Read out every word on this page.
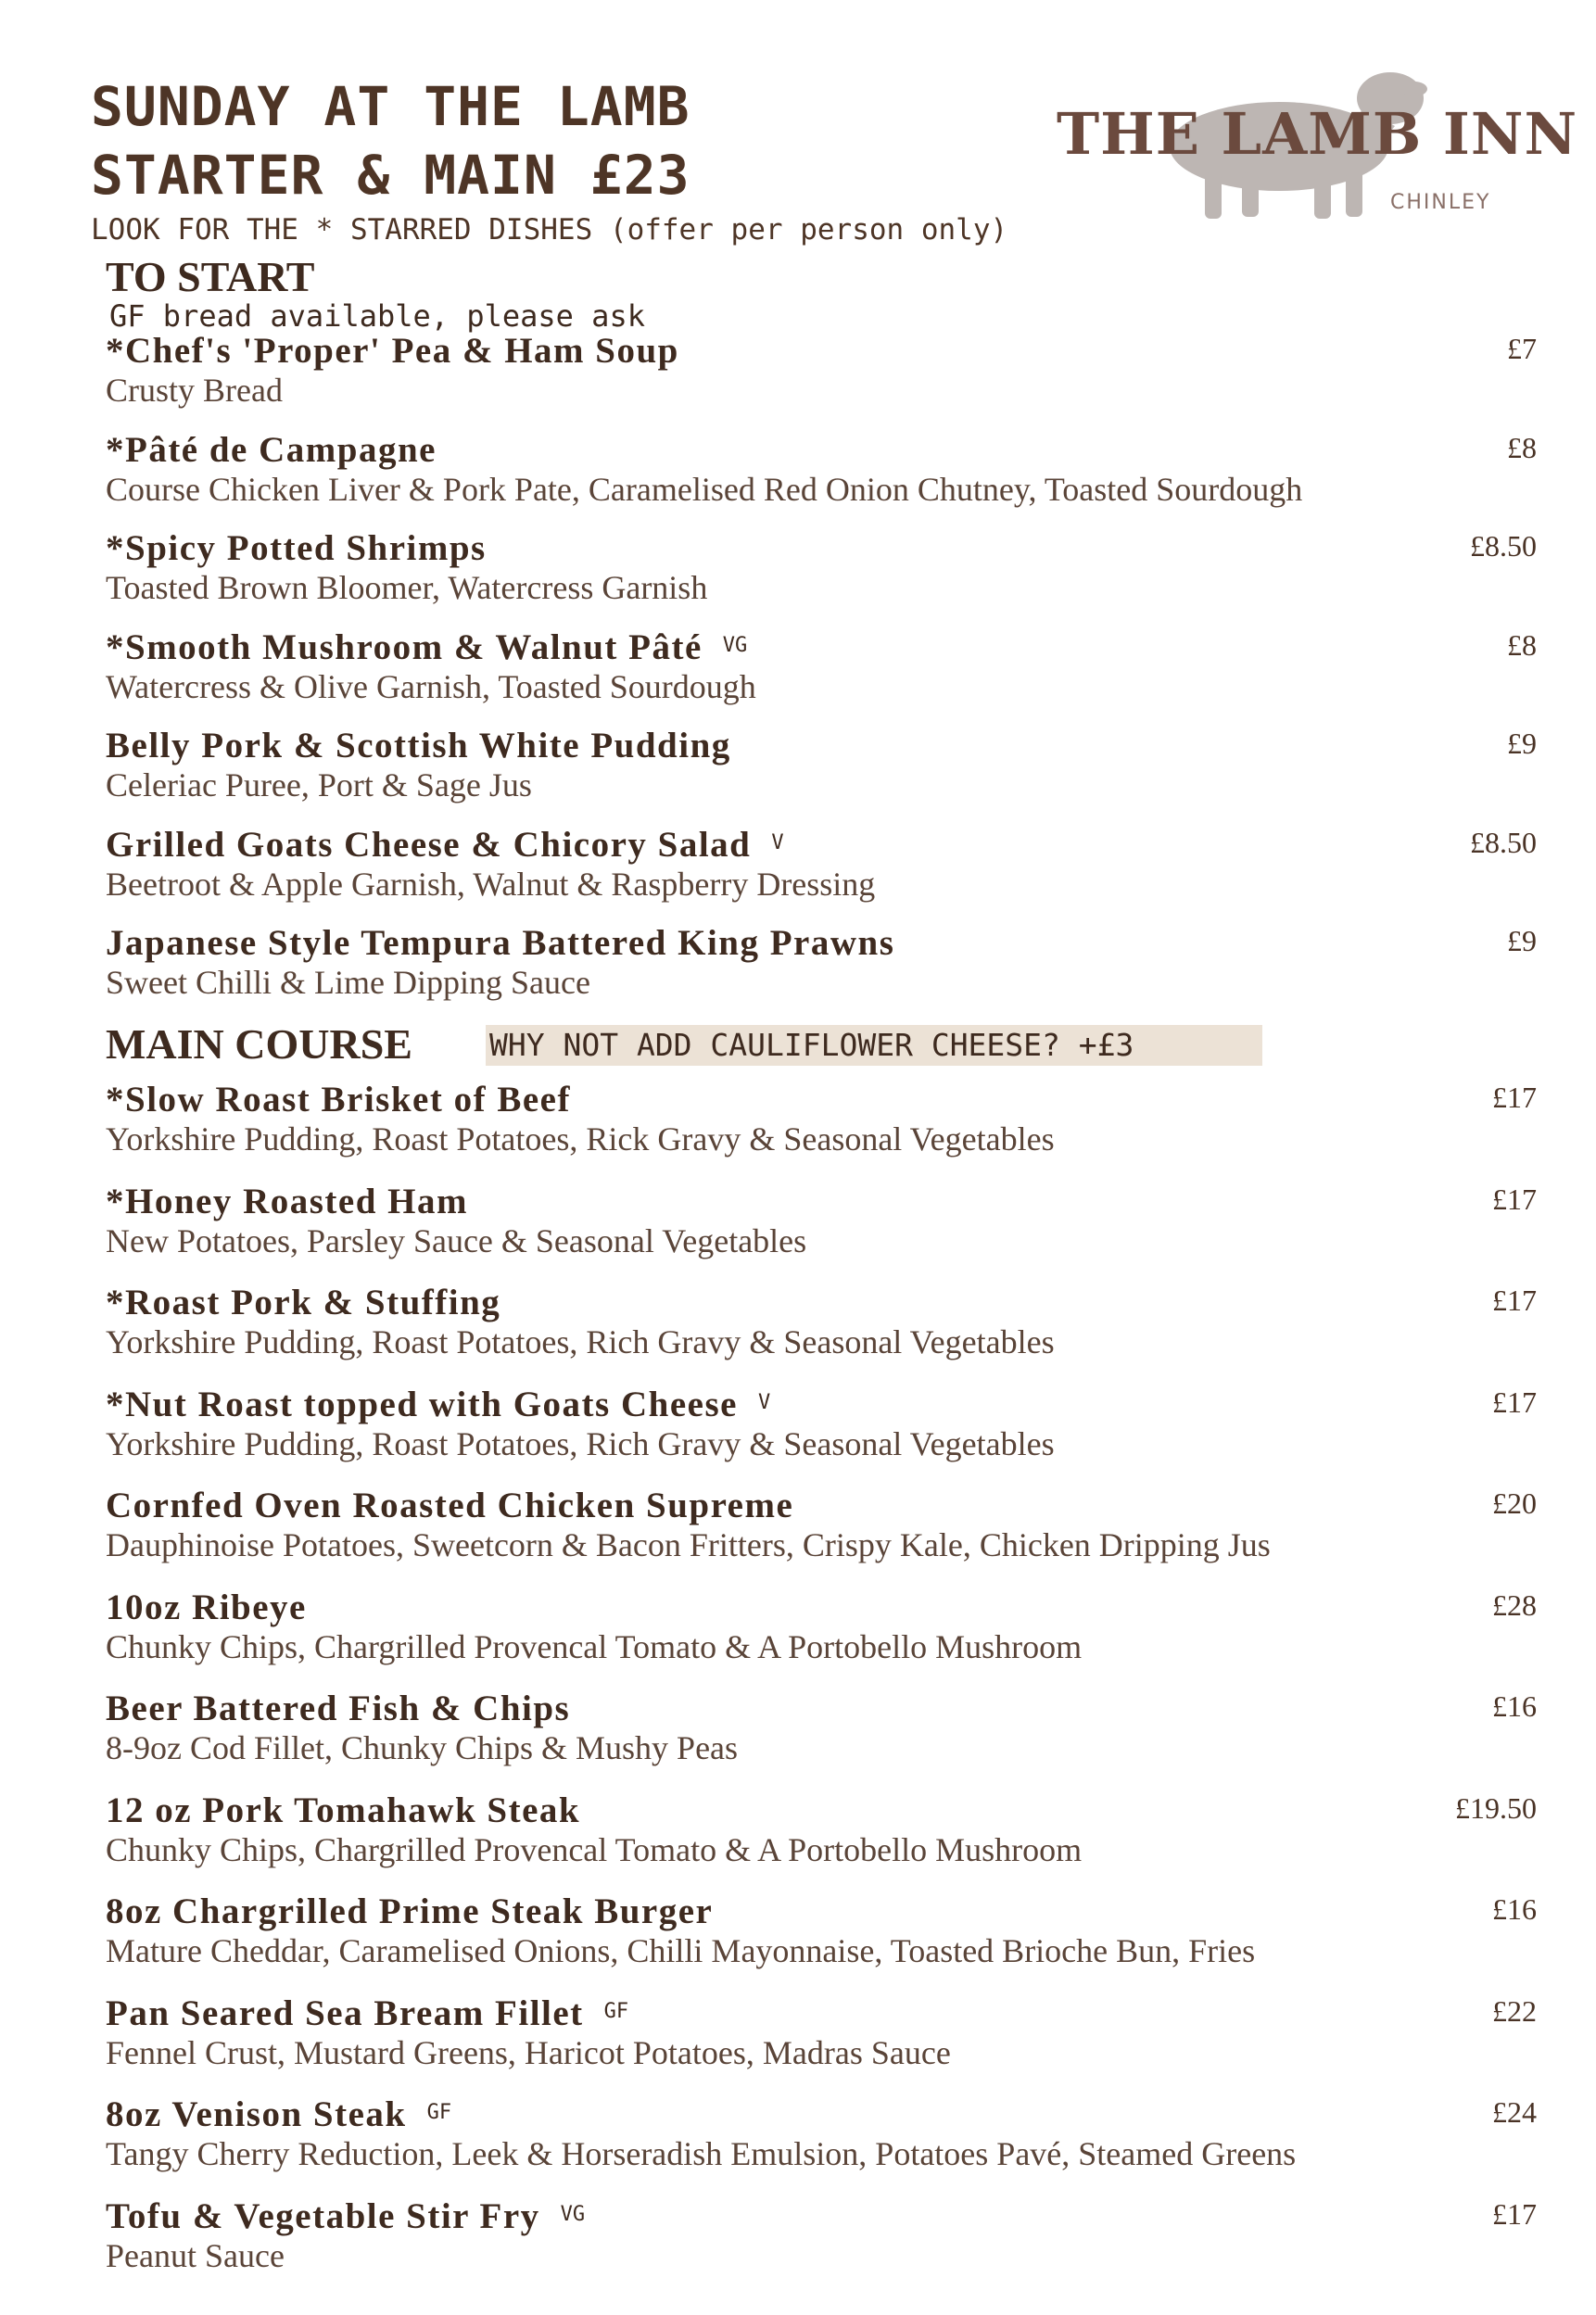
SUNDAY AT THE LAMB
STARTER & MAIN £23
LOOK FOR THE * STARRED DISHES (offer per person only)
THE LAMB INN
CHINLEY
TO START
GF bread available, please ask
*Chef's 'Proper' Pea & Ham Soup
Crusty Bread
£7
*Pâté de Campagne
Course Chicken Liver & Pork Pate, Caramelised Red Onion Chutney, Toasted Sourdough
£8
*Spicy Potted Shrimps
Toasted Brown Bloomer, Watercress Garnish
£8.50
*Smooth Mushroom & Walnut Pâté $^{VG}$
Watercress & Olive Garnish, Toasted Sourdough
£8
Belly Pork & Scottish White Pudding
Celeriac Puree, Port & Sage Jus
£9
Grilled Goats Cheese & Chicory Salad $^V$
Beetroot & Apple Garnish, Walnut & Raspberry Dressing
£8.50
Japanese Style Tempura Battered King Prawns
Sweet Chilli & Lime Dipping Sauce
£9
MAIN COURSE	WHY NOT ADD CAULIFLOWER CHEESE? +£3
*Slow Roast Brisket of Beef
Yorkshire Pudding, Roast Potatoes, Rick Gravy & Seasonal Vegetables
£17
*Honey Roasted Ham
New Potatoes, Parsley Sauce & Seasonal Vegetables
£17
*Roast Pork & Stuffing
Yorkshire Pudding, Roast Potatoes, Rich Gravy & Seasonal Vegetables
£17
*Nut Roast topped with Goats Cheese $^V$
Yorkshire Pudding, Roast Potatoes, Rich Gravy & Seasonal Vegetables
£17
Cornfed Oven Roasted Chicken Supreme
Dauphinoise Potatoes, Sweetcorn & Bacon Fritters, Crispy Kale, Chicken Dripping Jus
£20
10oz Ribeye
Chunky Chips, Chargrilled Provencal Tomato & A Portobello Mushroom
£28
Beer Battered Fish & Chips
8-9oz Cod Fillet, Chunky Chips & Mushy Peas
£16
12 oz Pork Tomahawk Steak
Chunky Chips, Chargrilled Provencal Tomato & A Portobello Mushroom
£19.50
8oz Chargrilled Prime Steak Burger
Mature Cheddar, Caramelised Onions, Chilli Mayonnaise, Toasted Brioche Bun, Fries
£16
Pan Seared Sea Bream Fillet $^{GF}$
Fennel Crust, Mustard Greens, Haricot Potatoes, Madras Sauce
£22
8oz Venison Steak $^{GF}$
Tangy Cherry Reduction, Leek & Horseradish Emulsion, Potatoes Pavé, Steamed Greens
£24
Tofu & Vegetable Stir Fry $^{VG}$
Peanut Sauce
£17
